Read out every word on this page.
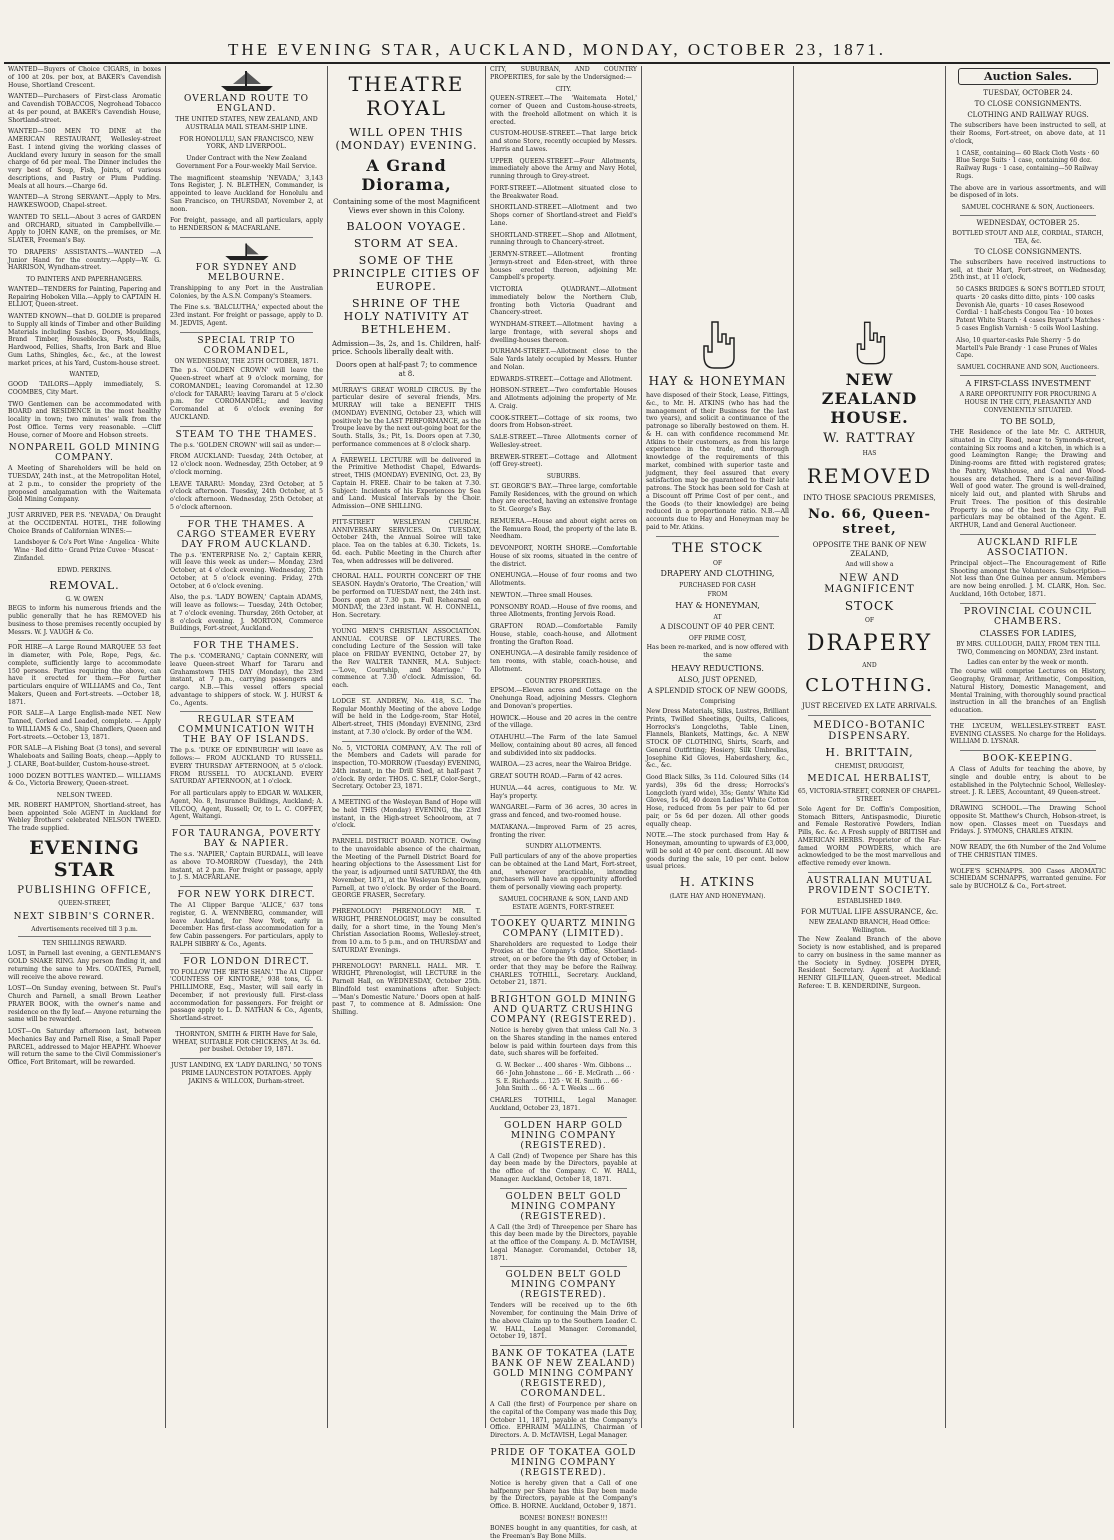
THE EVENING STAR, AUCKLAND, MONDAY, OCTOBER 23, 1871.

WANTED—Buyers of Choice CIGARS, in boxes of 100 at 20s. per box, at BAKER's Cavendish House, Shortland Crescent.

WANTED—Purchasers of First-class Aromatic and Cavendish TOBACCOS, Negrohead Tobacco at 4s per pound, at BAKER's Cavendish House, Shortland-street.

WANTED—500 MEN TO DINE at the AMERICAN RESTAURANT, Wellesley-street East. I intend giving the working classes of Auckland every luxury in season for the small charge of 6d per meal. The Dinner includes the very best of Soup, Fish, Joints, of various descriptions, and Pastry or Plum Pudding. Meals at all hours.—Charge 6d.

WANTED—A Strong SERVANT.—Apply to Mrs. HAWKESWOOD, Chapel-street.

WANTED TO SELL—About 3 acres of GARDEN and ORCHARD, situated in Campbellville.—Apply to JOHN KANE, on the premises, or Mr. SLATER, Freeman's Bay.

TO DRAPERS' ASSISTANTS.—WANTED —A Junior Hand for the country.—Apply—W. G. HARRISON, Wyndham-street.

TO PAINTERS AND PAPERHANGERS.

WANTED—TENDERS for Painting, Papering and Repairing Hoboken Villa.—Apply to CAPTAIN H. ELLIOT, Queen-street.

WANTED KNOWN—that D. GOLDIE is prepared to Supply all kinds of Timber and other Building Materials including Sashes, Doors, Mouldings, Brand Timber, Houseblocks, Posts, Rails, Hardwood, Fellies, Shafts, Iron Bark and Blue Gum Laths, Shingles, &c., &c., at the lowest market prices, at his Yard, Custom-house street.

WANTED,

GOOD TAILORS—Apply immediately, S. COOMBES, City Mart.

TWO Gentlemen can be accommodated with BOARD and RESIDENCE in the most healthy locality in town; two minutes' walk from the Post Office. Terms very reasonable. —Cliff House, corner of Moore and Hobson streets.

NONPAREIL GOLD MINING COMPANY.

A Meeting of Shareholders will be held on TUESDAY, 24th inst., at the Metropolitan Hotel, at 2 p.m., to consider the propriety of the proposed amalgamation with the Waitemata Gold Mining Company.

JUST ARRIVED, PER P.S. 'NEVADA,' On Draught at the OCCIDENTAL HOTEL, THE following Choice Brands of Californian WINES:—

Landsboyer & Co's Port Wine · Angelica · White Wine · Red ditto · Grand Prize Cuvee · Muscat · Zinfandel.

EDWD. PERKINS.
REMOVAL.
G. W. OWEN

BEGS to inform his numerous friends and the public generally that he has REMOVED his business to those premises recently occupied by Messrs. W. J. VAUGH & Co.

FOR HIRE—A Large Round MARQUEE 53 feet in diameter, with Pole, Rope, Pegs, &c. complete, sufficiently large to accommodate 150 persons. Parties requiring the above, can have it erected for them.—For further particulars enquire of WILLIAMS and Co., Tent Makers, Queen and Fort-streets. —October 18, 1871.

FOR SALE—A Large English-made NET. New Tanned, Corked and Leaded, complete. — Apply to WILLIAMS & Co., Ship Chandlers, Queen and Fort-streets.—October 13, 1871.

FOR SALE—A Fishing Boat (3 tons), and several Whaleboats and Sailing Boats, cheap.—Apply to J. CLARE, Boat-builder, Custom-house-street.

1000 DOZEN BOTTLES WANTED.— WILLIAMS & Co., Victoria Brewery, Queen-street.

NELSON TWEED.

MR. ROBERT HAMPTON, Shortland-street, has been appointed Sole AGENT in Auckland for Webley Brothers' celebrated NELSON TWEED. The trade supplied.

EVENING STAR
PUBLISHING OFFICE,
QUEEN-STREET,
NEXT SIBBIN'S CORNER.
Advertisements received till 3 p.m.
TEN SHILLINGS REWARD.

LOST, in Parnell last evening, a GENTLEMAN'S GOLD SNAKE RING. Any person finding it, and returning the same to Mrs. COATES, Parnell, will receive the above reward.

LOST—On Sunday evening, between St. Paul's Church and Parnell, a small Brown Leather PRAYER BOOK, with the owner's name and residence on the fly leaf.— Anyone returning the same will be rewarded.

LOST—On Saturday afternoon last, between Mechanics Bay and Parnell Rise, a Small Paper PARCEL, addressed to Major HEAPHY. Whoever will return the same to the Civil Commissioner's Office, Fort Britomart, will be rewarded.

OVERLAND ROUTE TO ENGLAND.

THE UNITED STATES, NEW ZEALAND, AND AUSTRALIA MAIL STEAM-SHIP LINE.

FOR HONOLULU, SAN FRANCISCO, NEW YORK, AND LIVERPOOL.

Under Contract with the New Zealand Government For a Four-weekly Mail Service.

The magnificent steamship 'NEVADA,' 3,143 Tons Register, J. N. BLETHEN, Commander, is appointed to leave Auckland for Honolulu and San Francisco, on THURSDAY, November 2, at noon.

For freight, passage, and all particulars, apply to HENDERSON & MACFARLANE.

FOR SYDNEY AND MELBOURNE.

Transhipping to any Port in the Australian Colonies, by the A.S.N. Company's Steamers.

The Fine s.s. 'BALCLUTHA,' expected about the 23rd instant. For freight or passage, apply to D. M. JEDVIS, Agent.

SPECIAL TRIP TO COROMANDEL,
ON WEDNESDAY, THE 25TH OCTOBER, 1871.

The p.s. 'GOLDEN CROWN' will leave the Queen-street wharf at 9 o'clock morning, for COROMANDEL; leaving Coromandel at 12.30 o'clock for TARARU; leaving Tararu at 5 o'clock p.m. for COROMANDEL; and leaving Coromandel at 6 o'clock evening for AUCKLAND.

STEAM TO THE THAMES.

The p.s. 'GOLDEN CROWN' will sail as under:—

FROM AUCKLAND: Tuesday, 24th October, at 12 o'clock noon. Wednesday, 25th October, at 9 o'clock morning.

LEAVE TARARU: Monday, 23rd October, at 5 o'clock afternoon. Tuesday, 24th October, at 5 o'clock afternoon. Wednesday, 25th October, at 5 o'clock afternoon.

FOR THE THAMES. A CARGO STEAMER EVERY DAY FROM AUCKLAND.

The p.s. 'ENTERPRISE No. 2,' Captain KERR, will leave this week as under:— Monday, 23rd October, at 4 o'clock evening. Wednesday, 25th October, at 5 o'clock evening. Friday, 27th October, at 6 o'clock evening.

Also, the p.s. 'LADY BOWEN,' Captain ADAMS, will leave as follows:— Tuesday, 24th October, at 7 o'clock evening. Thursday, 26th October, at 8 o'clock evening. J. MORTON, Commerce Buildings, Fort-street, Auckland.

FOR THE THAMES.

The p.s. 'COMERANG,' Captain CONNERY, will leave Queen-street Wharf for Tararu and Grahamstown THIS DAY (Monday), the 23rd instant, at 7 p.m., carrying passengers and cargo. N.B.—This vessel offers special advantage to shippers of stock. W. J. HURST & Co., Agents.

REGULAR STEAM COMMUNICATION WITH THE BAY OF ISLANDS.

The p.s. 'DUKE OF EDINBURGH' will leave as follows:— FROM AUCKLAND TO RUSSELL. EVERY THURSDAY AFTERNOON, at 5 o'clock. FROM RUSSELL TO AUCKLAND. EVERY SATURDAY AFTERNOON, at 1 o'clock.

For all particulars apply to EDGAR W. WALKER, Agent, No. 8, Insurance Buildings, Auckland; A. VILCOQ, Agent, Russell; Or, to L. C. COFFEY, Agent, Waitangi.

FOR TAURANGA, POVERTY BAY & NAPIER.

The s.s. 'NAPIER,' Captain BURDALL, will leave as above TO-MORROW (Tuesday), the 24th instant, at 2 p.m. For freight or passage, apply to J. S. MACFARLANE.

FOR NEW YORK DIRECT.

The A1 Clipper Barque 'ALICE,' 637 tons register, G. A. WENNBERG, commander, will leave Auckland, for New York, early in December. Has first-class accommodation for a few Cabin passengers. For particulars, apply to RALPH SIBBRY & Co., Agents.

FOR LONDON DIRECT.

TO FOLLOW THE 'BETH SHAN.' The A1 Clipper 'COUNTESS OF KINTORE,' 938 tons, G. G. PHILLIMORE, Esq., Master, will sail early in December, if not previously full. First-class accommodation for passengers. For freight or passage apply to L. D. NATHAN & Co., Agents, Shortland-street.

THORNTON, SMITH & FIRTH Have for Sale, WHEAT, SUITABLE FOR CHICKENS, At 3s. 6d. per bushel. October 19, 1871.

JUST LANDING, EX 'LADY DARLING,' 50 TONS PRIME LAUNCESTON POTATOES. Apply JAKINS & WILLCOX, Durham-street.

THEATRE ROYAL
WILL OPEN THIS (MONDAY) EVENING.
A Grand Diorama,

Containing some of the most Magnificent Views ever shown in this Colony.

BALOON VOYAGE.
STORM AT SEA.
SOME OF THE PRINCIPLE CITIES OF EUROPE.
SHRINE OF THE HOLY NATIVITY AT BETHLEHEM.

Admission—3s, 2s, and 1s. Children, half-price. Schools liberally dealt with.

Doors open at half-past 7; to commence at 8.

MURRAY'S GREAT WORLD CIRCUS. By the particular desire of several friends, Mrs. MURRAY will take a BENEFIT THIS (MONDAY) EVENING, October 23, which will positively be the LAST PERFORMANCE, as the Troupe leave by the next out-going boat for the South. Stalls, 3s.; Pit, 1s. Doors open at 7.30, performance commences at 8 o'clock sharp.

A FAREWELL LECTURE will be delivered in the Primitive Methodist Chapel, Edwards-street, THIS (MONDAY) EVENING, Oct. 23, By Captain H. FREE. Chair to be taken at 7.30. Subject: Incidents of his Experiences by Sea and Land. Musical Intervals by the Choir. Admission—ONE SHILLING.

PITT-STREET WESLEYAN CHURCH. ANNIVERSARY SERVICES. On TUESDAY, October 24th, the Annual Soiree will take place. Tea on the tables at 6.30. Tickets, 1s. 6d. each. Public Meeting in the Church after Tea, when addresses will be delivered.

CHORAL HALL. FOURTH CONCERT OF THE SEASON. Haydn's Oratorio, 'The Creation,' will be performed on TUESDAY next, the 24th inst. Doors open at 7.30 p.m. Full Rehearsal on MONDAY, the 23rd instant. W. H. CONNELL, Hon. Secretary.

YOUNG MEN'S CHRISTIAN ASSOCIATION. ANNUAL COURSE OF LECTURES. The concluding Lecture of the Session will take place on FRIDAY EVENING, October 27, by the Rev WALTER TANNER, M.A. Subject:—'Love, Courtship, and Marriage.' To commence at 7.30 o'clock. Admission, 6d. each.

LODGE ST. ANDREW, No. 418, S.C. The Regular Monthly Meeting of the above Lodge will be held in the Lodge-room, Star Hotel, Albert-street, THIS (Monday) EVENING, 23rd instant, at 7.30 o'clock. By order of the W.M.

No. 5, VICTORIA COMPANY, A.V. The roll of the Members and Cadets will parade for inspection, TO-MORROW (Tuesday) EVENING, 24th instant, in the Drill Shed, at half-past 7 o'clock. By order. THOS. C. SELF, Color-Sergt., Secretary. October 23, 1871.

A MEETING of the Wesleyan Band of Hope will be held THIS (Monday) EVENING, the 23rd instant, in the High-street Schoolroom, at 7 o'clock.

PARNELL DISTRICT BOARD. NOTICE. Owing to the unavoidable absence of the chairman, the Meeting of the Parnell District Board for hearing objections to the Assessment List for the year, is adjourned until SATURDAY, the 4th November, 1871, at the Wesleyan Schoolroom, Parnell, at two o'clock. By order of the Board. GEORGE FRASER, Secretary.

PHRENOLOGY! PHRENOLOGY! MR. T. WRIGHT, PHRENOLOGIST, may be consulted daily, for a short time, in the Young Men's Christian Association Rooms, Wellesley-street, from 10 a.m. to 5 p.m., and on THURSDAY and SATURDAY Evenings.

PHRENOLOGY! PARNELL HALL. MR. T. WRIGHT, Phrenologist, will LECTURE in the Parnell Hall, on WEDNESDAY, October 25th. Blindfold test examinations after. Subject:—'Man's Domestic Nature.' Doors open at half-past 7, to commence at 8. Admission: One Shilling.

CITY, SUBURBAN, AND COUNTRY PROPERTIES, for sale by the Undersigned:—

CITY.

QUEEN-STREET.—The 'Waitemata Hotel,' corner of Queen and Custom-house-streets, with the freehold allotment on which it is erected.

CUSTOM-HOUSE-STREET.—That large brick and stone Store, recently occupied by Messrs. Harris and Lawes.

UPPER QUEEN-STREET.—Four Allotments, immediately above the Army and Navy Hotel, running through to Grey-street.

FORT-STREET.—Allotment situated close to the Breakwater Road.

SHORTLAND-STREET.—Allotment and two Shops corner of Shortland-street and Field's Lane.

SHORTLAND-STREET.—Shop and Allotment, running through to Chancery-street.

JERMYN-STREET.—Allotment fronting Jermyn-street and Eden-street, with three houses erected thereon, adjoining Mr. Campbell's property.

VICTORIA QUADRANT.—Allotment immediately below the Northern Club, fronting both Victoria Quadrant and Chancery-street.

WYNDHAM-STREET.—Allotment having a large frontage, with several shops and dwelling-houses thereon.

DURHAM-STREET.—Allotment close to the Sale Yards lately occupied by Messrs. Hunter and Nolan.

EDWARDS-STREET.—Cottage and Allotment.

HOBSON-STREET.—Two comfortable Houses and Allotments adjoining the property of Mr. A. Craig.

COOK-STREET.—Cottage of six rooms, two doors from Hobson-street.

SALE-STREET.—Three Allotments corner of Wellesley-street.

BREWER-STREET.—Cottage and Allotment (off Grey-street).

SUBURBS.

ST. GEORGE'S BAY.—Three large, comfortable Family Residences, with the ground on which they are erected, having an extensive frontage to St. George's Bay.

REMUERA.—House and about eight acres on the Remuera Road, the property of the late B. Needham.

DEVONPORT, NORTH SHORE.—Comfortable House of six rooms, situated in the centre of the district.

ONEHUNGA.—House of four rooms and two Allotments.

NEWTON.—Three small Houses.

PONSONBY ROAD.—House of five rooms, and three Allotments, fronting Jervois Road.

GRAFTON ROAD.—Comfortable Family House, stable, coach-house, and Allotment fronting the Grafton Road.

ONEHUNGA.—A desirable family residence of ten rooms, with stable, coach-house, and Allotment.

COUNTRY PROPERTIES.

EPSOM.—Eleven acres and Cottage on the Onehunga Road, adjoining Messrs. Cleghorn and Donovan's properties.

HOWICK.—House and 20 acres in the centre of the village.

OTAHUHU.—The Farm of the late Samuel Mellow, containing about 80 acres, all fenced and subdivided into six paddocks.

WAIROA.—23 acres, near the Wairoa Bridge.

GREAT SOUTH ROAD.—Farm of 42 acres.

HUNUA.—44 acres, contiguous to Mr. W. Hay's property.

WANGAREI.—Farm of 36 acres, 30 acres in grass and fenced, and two-roomed house.

MATAKANA.—Improved Farm of 25 acres, fronting the river.

SUNDRY ALLOTMENTS.

Full particulars of any of the above properties can be obtained at the Land Mart, Fort-street, and, whenever practicable, intending purchasers will have an opportunity afforded them of personally viewing each property.

SAMUEL COCHRANE & SON, LAND AND ESTATE AGENTS, FORT-STREET.
TOOKEY QUARTZ MINING COMPANY (LIMITED).

Shareholders are requested to Lodge their Proxies at the Company's Office, Shortland-street, on or before the 9th day of October, in order that they may be before the Railway. CHARLES TOTHILL, Secretary. Auckland, October 21, 1871.

BRIGHTON GOLD MINING AND QUARTZ CRUSHING COMPANY (REGISTERED).

Notice is hereby given that unless Call No. 3 on the Shares standing in the names entered below is paid within fourteen days from this date, such shares will be forfeited.

G. W. Becker ... 400 shares · Wm. Gibbons ... 66 · John Johnstone ... 66 · E. McGrath ... 66 · S. E. Richards ... 125 · W. H. Smith ... 66 · John Smith ... 66 · A. T. Weeks ... 66

CHARLES TOTHILL, Legal Manager. Auckland, October 23, 1871.

GOLDEN HARP GOLD MINING COMPANY (REGISTERED).

A Call (2nd) of Twopence per Share has this day been made by the Directors, payable at the office of the Company. C. W. HALL, Manager. Auckland, October 18, 1871.

GOLDEN BELT GOLD MINING COMPANY (REGISTERED).

A Call (the 3rd) of Threepence per Share has this day been made by the Directors, payable at the office of the Company. A. D. McTAVISH, Legal Manager. Coromandel, October 18, 1871.

GOLDEN BELT GOLD MINING COMPANY (REGISTERED).

Tenders will be received up to the 6th November, for continuing the Main Drive of the above Claim up to the Southern Leader. C. W. HALL, Legal Manager. Coromandel, October 19, 1871.

BANK OF TOKATEA (LATE BANK OF NEW ZEALAND) GOLD MINING COMPANY (REGISTERED), COROMANDEL.

A Call (the first) of Fourpence per share on the capital of the Company was made this Day, October 11, 1871, payable at the Company's Office. EPHRAIM MALLINS, Chairman of Directors. A. D. McTAVISH, Legal Manager.

PRIDE OF TOKATEA GOLD MINING COMPANY (REGISTERED).

Notice is hereby given that a Call of one halfpenny per Share has this Day been made by the Directors, payable at the Company's Office. B. HORNE. Auckland, October 9, 1871.

BONES! BONES!! BONES!!!

BONES bought in any quantities, for cash, at the Freeman's Bay Bone Mills.

HAY & HONEYMAN

have disposed of their Stock, Lease, Fittings, &c., to Mr. H. ATKINS (who has had the management of their Business for the last two years), and solicit a continuance of the patronage so liberally bestowed on them. H. & H. can with confidence recommend Mr. Atkins to their customers, as from his large experience in the trade, and thorough knowledge of the requirements of this market, combined with superior taste and judgment, they feel assured that every satisfaction may be guaranteed to their late patrons. The Stock has been sold for Cash at a Discount off Prime Cost of per cent., and the Goods (to their knowledge) are being reduced in a proportionate ratio. N.B.—All accounts due to Hay and Honeyman may be paid to Mr. Atkins.

THE STOCK
OF
DRAPERY AND CLOTHING,
PURCHASED FOR CASH
FROM
HAY & HONEYMAN,
AT
A DISCOUNT OF 40 PER CENT.
OFF PRIME COST,

Has been re-marked, and is now offered with the same

HEAVY REDUCTIONS.
ALSO, JUST OPENED,
A SPLENDID STOCK OF NEW GOODS,
Comprising

New Dress Materials, Silks, Lustres, Brilliant Prints, Twilled Sheetings, Quilts, Calicoes, Horrocks's Longcloths, Table Linen, Flannels, Blankets, Mattings, &c. A NEW STOCK OF CLOTHING, Shirts, Scarfs, and General Outfitting; Hosiery, Silk Umbrellas, Josephine Kid Gloves, Haberdashery, &c., &c., &c.

Good Black Silks, 3s 11d. Coloured Silks (14 yards), 39s 6d the dress; Horrocks's Longcloth (yard wide), 35s; Gents' White Kid Gloves, 1s 6d, 40 dozen Ladies' White Cotton Hose, reduced from 5s per pair to 6d per pair, or 5s 6d per dozen. All other goods equally cheap.

NOTE.—The stock purchased from Hay & Honeyman, amounting to upwards of £3,000, will be sold at 40 per cent. discount. All new goods during the sale, 10 per cent. below usual prices.

H. ATKINS
(LATE HAY AND HONEYMAN).
NEW ZEALAND HOUSE.
W. RATTRAY
HAS
REMOVED
INTO THOSE SPACIOUS PREMISES,
No. 66, Queen-street,
OPPOSITE THE BANK OF NEW ZEALAND,
And will show a
NEW AND MAGNIFICENT
STOCK
OF
DRAPERY
AND
CLOTHING.
JUST RECEIVED EX LATE ARRIVALS.
MEDICO-BOTANIC DISPENSARY.
H. BRITTAIN,
CHEMIST, DRUGGIST,
MEDICAL HERBALIST,
65, VICTORIA-STREET, CORNER OF CHAPEL-STREET.

Sole Agent for Dr. Coffin's Composition, Stomach Bitters, Antispasmodic, Diuretic and Female Restorative Powders, Indian Pills, &c. &c. A Fresh supply of BRITISH and AMERICAN HERBS. Proprietor of the Far-famed WORM POWDERS, which are acknowledged to be the most marvellous and effective remedy ever known.

AUSTRALIAN MUTUAL PROVIDENT SOCIETY.
ESTABLISHED 1849.
FOR MUTUAL LIFE ASSURANCE, &c.
NEW ZEALAND BRANCH, Head Office: Wellington.

The New Zealand Branch of the above Society is now established, and is prepared to carry on business in the same manner as the Society in Sydney. JOSEPH DYER, Resident Secretary. Agent at Auckland: HENRY GILFILLAN, Queen-street. Medical Referee: T. B. KENDERDINE, Surgeon.

Auction Sales.
TUESDAY, OCTOBER 24.
TO CLOSE CONSIGNMENTS.
CLOTHING AND RAILWAY RUGS.

The subscribers have been instructed to sell, at their Rooms, Fort-street, on above date, at 11 o'clock,

1 CASE, containing— 60 Black Cloth Vests · 60 Blue Serge Suits · 1 case, containing 60 doz. Railway Rugs · 1 case, containing—50 Railway Rugs.

The above are in various assortments, and will be disposed of in lots.

SAMUEL COCHRANE & SON, Auctioneers.
WEDNESDAY, OCTOBER 25.
BOTTLED STOUT AND ALE, CORDIAL, STARCH, TEA, &c.
TO CLOSE CONSIGNMENTS.

The subscribers have received instructions to sell, at their Mart, Fort-street, on Wednesday, 25th inst., at 11 o'clock,

50 CASKS BRIDGES & SON'S BOTTLED STOUT, quarts · 20 casks ditto ditto, pints · 100 casks Devonish Ale, quarts · 10 cases Rosewood Cordial · 1 half-chests Congou Tea · 10 boxes Patent White Starch · 4 cases Bryant's Matches · 5 cases English Varnish · 5 coils Wool Lashing.

Also, 10 quarter-casks Pale Sherry · 5 do Martell's Pale Brandy · 1 case Prunes of Wales Cape.

SAMUEL COCHRANE AND SON, Auctioneers.
A FIRST-CLASS INVESTMENT
A RARE OPPORTUNITY FOR PROCURING A HOUSE IN THE CITY, PLEASANTLY AND CONVENIENTLY SITUATED.
TO BE SOLD,

THE Residence of the late Mr. C. ARTHUR, situated in City Road, near to Symonds-street, containing Six rooms and a kitchen, in which is a good Leamington Range; the Drawing and Dining-rooms are fitted with registered grates; the Pantry, Washhouse, and Coal and Wood-houses are detached. There is a never-failing Well of good water. The ground is well-drained, nicely laid out, and planted with Shrubs and Fruit Trees. The position of this desirable Property is one of the best in the City. Full particulars may be obtained of the Agent. E. ARTHUR, Land and General Auctioneer.

AUCKLAND RIFLE ASSOCIATION.

Principal object—The Encouragement of Rifle Shooting amongst the Volunteers. Subscription—Not less than One Guinea per annum. Members are now being enrolled. J. M. CLARK, Hon. Sec. Auckland, 16th October, 1871.

PROVINCIAL COUNCIL CHAMBERS.
CLASSES FOR LADIES,
BY MRS. CULLOUGH, DAILY, FROM TEN TILL TWO, Commencing on MONDAY, 23rd instant.
Ladies can enter by the week or month.

The course will comprise Lectures on History, Geography, Grammar, Arithmetic, Composition, Natural History, Domestic Management, and Mental Training, with thoroughly sound practical instruction in all the branches of an English education.

THE LYCEUM, WELLESLEY-STREET EAST. EVENING CLASSES. No charge for the Holidays. WILLIAM D. LYSNAR.

BOOK-KEEPING.

A Class of Adults for teaching the above, by single and double entry, is about to be established in the Polytechnic School, Wellesley-street. J. R. LEES, Accountant, 49 Queen-street.

DRAWING SCHOOL.—The Drawing School opposite St. Matthew's Church, Hobson-street, is now open. Classes meet on Tuesdays and Fridays. J. SYMONS, CHARLES ATKIN.

NOW READY, the 6th Number of the 2nd Volume of THE CHRISTIAN TIMES.

WOLFE'S SCHNAPPS. 300 Cases AROMATIC SCHIEDAM SCHNAPPS, warranted genuine. For sale by BUCHOLZ & Co., Fort-street.
